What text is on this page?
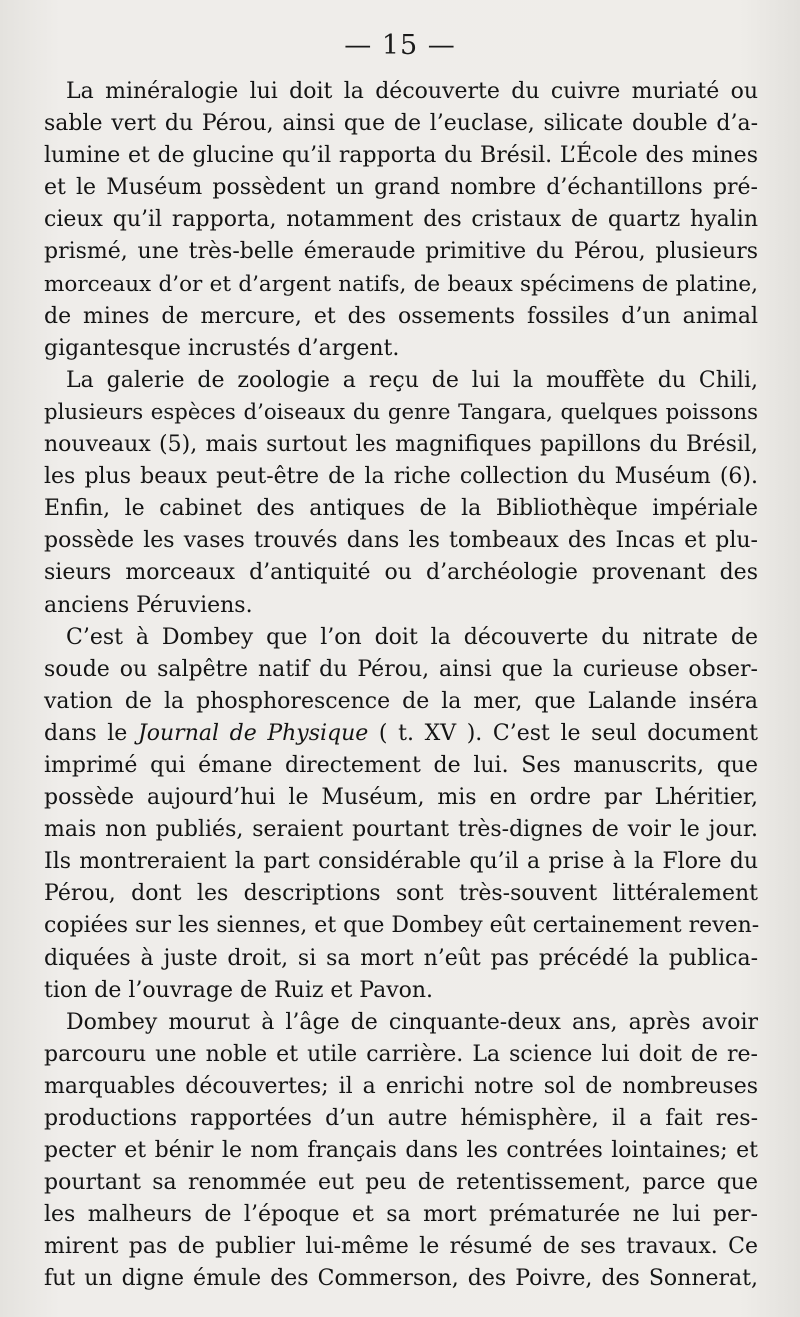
— 15 —
La minéralogie lui doit la découverte du cuivre muriaté ou
sable vert du Pérou, ainsi que de l’euclase, silicate double d’a-
lumine et de glucine qu’il rapporta du Brésil. L’École des mines
et le Muséum possèdent un grand nombre d’échantillons pré-
cieux qu’il rapporta, notamment des cristaux de quartz hyalin
prismé, une très-belle émeraude primitive du Pérou, plusieurs
morceaux d’or et d’argent natifs, de beaux spécimens de platine,
de mines de mercure, et des ossements fossiles d’un animal
gigantesque incrustés d’argent.
La galerie de zoologie a reçu de lui la mouffète du Chili,
plusieurs espèces d’oiseaux du genre Tangara, quelques poissons
nouveaux (5), mais surtout les magnifiques papillons du Brésil,
les plus beaux peut-être de la riche collection du Muséum (6).
Enfin, le cabinet des antiques de la Bibliothèque impériale
possède les vases trouvés dans les tombeaux des Incas et plu-
sieurs morceaux d’antiquité ou d’archéologie provenant des
anciens Péruviens.
C’est à Dombey que l’on doit la découverte du nitrate de
soude ou salpêtre natif du Pérou, ainsi que la curieuse obser-
vation de la phosphorescence de la mer, que Lalande inséra
dans le Journal de Physique ( t. XV ). C’est le seul document
imprimé qui émane directement de lui. Ses manuscrits, que
possède aujourd’hui le Muséum, mis en ordre par Lhéritier,
mais non publiés, seraient pourtant très-dignes de voir le jour.
Ils montreraient la part considérable qu’il a prise à la Flore du
Pérou, dont les descriptions sont très-souvent littéralement
copiées sur les siennes, et que Dombey eût certainement reven-
diquées à juste droit, si sa mort n’eût pas précédé la publica-
tion de l’ouvrage de Ruiz et Pavon.
Dombey mourut à l’âge de cinquante-deux ans, après avoir
parcouru une noble et utile carrière. La science lui doit de re-
marquables découvertes; il a enrichi notre sol de nombreuses
productions rapportées d’un autre hémisphère, il a fait res-
pecter et bénir le nom français dans les contrées lointaines; et
pourtant sa renommée eut peu de retentissement, parce que
les malheurs de l’époque et sa mort prématurée ne lui per-
mirent pas de publier lui-même le résumé de ses travaux. Ce
fut un digne émule des Commerson, des Poivre, des Sonnerat,
